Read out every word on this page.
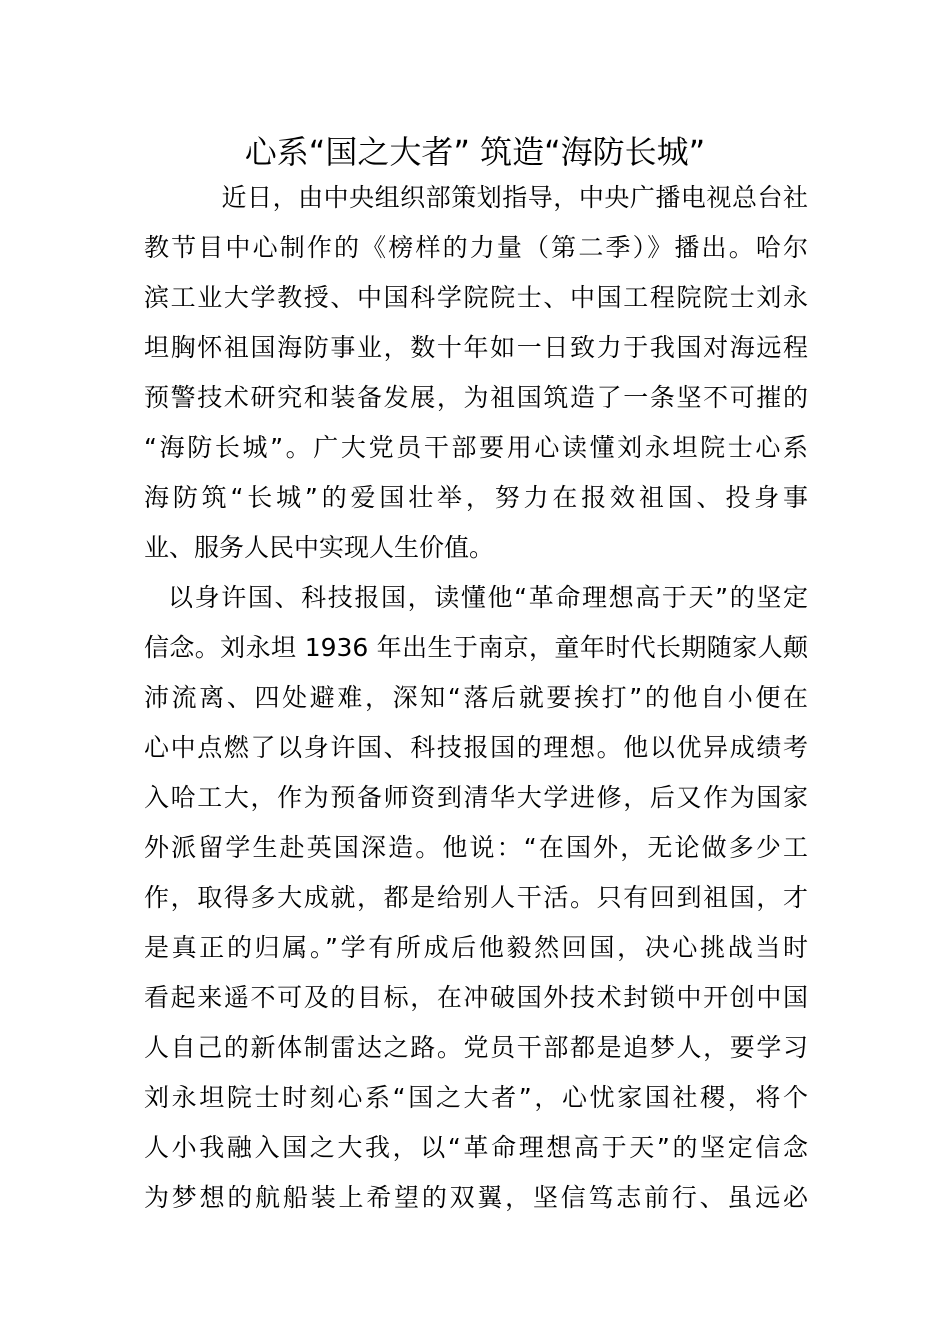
心系“国之大者” 筑造“海防长城”
　近日，由中央组织部策划指导，中央广播电视总台社
教节目中心制作的《榜样的力量（第二季）》播出。哈尔
滨工业大学教授、中国科学院院士、中国工程院院士刘永
坦胸怀祖国海防事业，数十年如一日致力于我国对海远程
预警技术研究和装备发展，为祖国筑造了一条坚不可摧的
“海防长城”。广大党员干部要用心读懂刘永坦院士心系
海防筑“长城”的爱国壮举，努力在报效祖国、投身事
业、服务人民中实现人生价值。
以身许国、科技报国，读懂他“革命理想高于天”的坚定
信念。刘永坦 1936 年出生于南京，童年时代长期随家人颠
沛流离、四处避难，深知“落后就要挨打”的他自小便在
心中点燃了以身许国、科技报国的理想。他以优异成绩考
入哈工大，作为预备师资到清华大学进修，后又作为国家
外派留学生赴英国深造。他说：“在国外，无论做多少工
作，取得多大成就，都是给别人干活。只有回到祖国，才
是真正的归属。”学有所成后他毅然回国，决心挑战当时
看起来遥不可及的目标，在冲破国外技术封锁中开创中国
人自己的新体制雷达之路。党员干部都是追梦人，要学习
刘永坦院士时刻心系“国之大者”，心忧家国社稷，将个
人小我融入国之大我，以“革命理想高于天”的坚定信念
为梦想的航船装上希望的双翼，坚信笃志前行、虽远必
